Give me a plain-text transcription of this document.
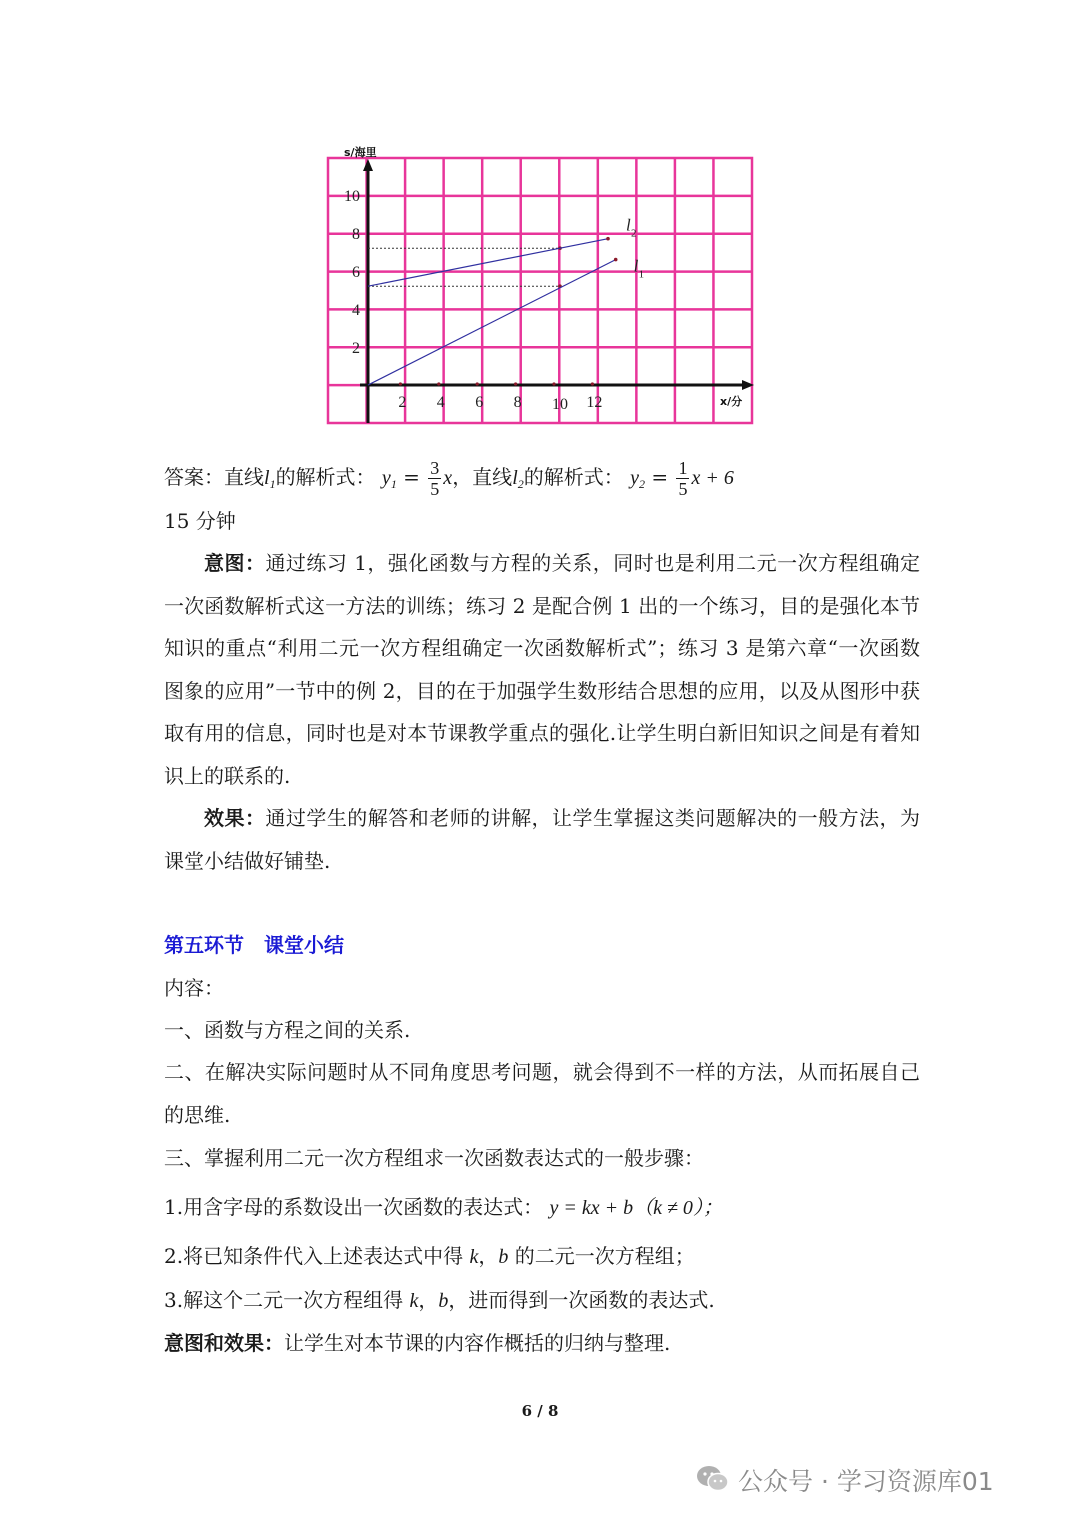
s/海里
x/分
2
4
6
8
10
2 4 6 8 10 12
l 1
l 2
答案：直线$l_1$的解析式： $y_1 = \frac{3}{5}$ x，直线$l_2$的解析式： $y_2 = \frac{1}{5}$ x + 6
15 分钟
意图：通过练习 1，强化函数与方程的关系，同时也是利用二元一次方程组确定一次函数解析式这一方法的训练；练习 2 是配合例 1 出的一个练习，目的是强化本节知识的重点“利用二元一次方程组确定一次函数解析式”；练习 3 是第六章“一次函数图象的应用”一节中的例 2，目的在于加强学生数形结合思想的应用，以及从图形中获取有用的信息，同时也是对本节课教学重点的强化.让学生明白新旧知识之间是有着知识上的联系的.
效果：通过学生的解答和老师的讲解，让学生掌握这类问题解决的一般方法，为课堂小结做好铺垫.
第五环节　课堂小结
内容：
一、函数与方程之间的关系.
二、在解决实际问题时从不同角度思考问题，就会得到不一样的方法，从而拓展自己的思维.
三、掌握利用二元一次方程组求一次函数表达式的一般步骤：
1.用含字母的系数设出一次函数的表达式： y = kx + b（k ≠ 0）；
2.将已知条件代入上述表达式中得 k，b 的二元一次方程组；
3.解这个二元一次方程组得 k，b，进而得到一次函数的表达式.
意图和效果：让学生对本节课的内容作概括的归纳与整理.
6 / 8
公众号 · 学习资源库01
